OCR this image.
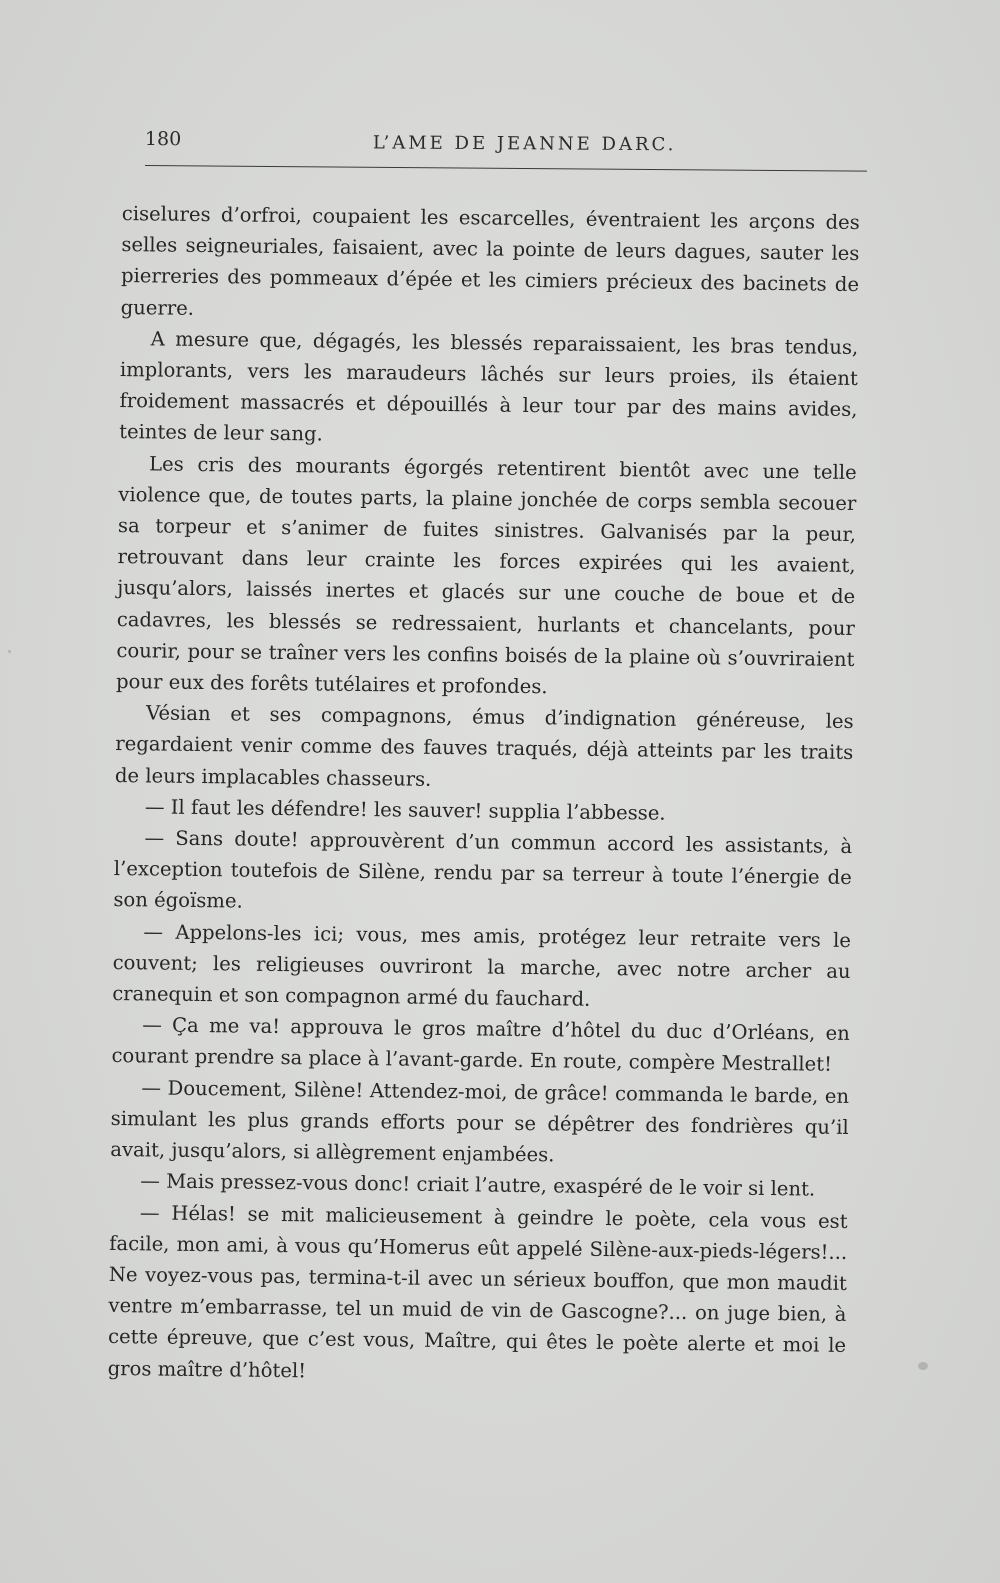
180	L’AME DE JEANNE DARC.

ciselures d’orfroi, coupaient les escarcelles, éventraient les arçons des selles seigneuriales, faisaient, avec la pointe de leurs dagues, sauter les pierreries des pommeaux d’épée et les cimiers précieux des bacinets de guerre.

A mesure que, dégagés, les blessés reparaissaient, les bras tendus, implorants, vers les maraudeurs lâchés sur leurs proies, ils étaient froidement massacrés et dépouillés à leur tour par des mains avides, teintes de leur sang.

Les cris des mourants égorgés retentirent bientôt avec une telle violence que, de toutes parts, la plaine jonchée de corps sembla secouer sa torpeur et s’animer de fuites sinistres. Galvanisés par la peur, retrouvant dans leur crainte les forces expirées qui les avaient, jusqu’alors, laissés inertes et glacés sur une couche de boue et de cadavres, les blessés se redressaient, hurlants et chancelants, pour courir, pour se traîner vers les confins boisés de la plaine où s’ouvriraient pour eux des forêts tutélaires et profondes.

Vésian et ses compagnons, émus d’indignation généreuse, les regardaient venir comme des fauves traqués, déjà atteints par les traits de leurs implacables chasseurs.

— Il faut les défendre! les sauver! supplia l’abbesse.

— Sans doute! approuvèrent d’un commun accord les assistants, à l’exception toutefois de Silène, rendu par sa terreur à toute l’énergie de son égoïsme.

— Appelons-les ici; vous, mes amis, protégez leur retraite vers le couvent; les religieuses ouvriront la marche, avec notre archer au cranequin et son compagnon armé du fauchard.

— Ça me va! approuva le gros maître d’hôtel du duc d’Orléans, en courant prendre sa place à l’avant-garde. En route, compère Mestrallet!

— Doucement, Silène! Attendez-moi, de grâce! commanda le barde, en simulant les plus grands efforts pour se dépêtrer des fondrières qu’il avait, jusqu’alors, si allègrement enjambées.

— Mais pressez-vous donc! criait l’autre, exaspéré de le voir si lent.

— Hélas! se mit malicieusement à geindre le poète, cela vous est facile, mon ami, à vous qu’Homerus eût appelé Silène-aux-pieds-légers!... Ne voyez-vous pas, termina-t-il avec un sérieux bouffon, que mon maudit ventre m’embarrasse, tel un muid de vin de Gascogne?... on juge bien, à cette épreuve, que c’est vous, Maître, qui êtes le poète alerte et moi le gros maître d’hôtel!
